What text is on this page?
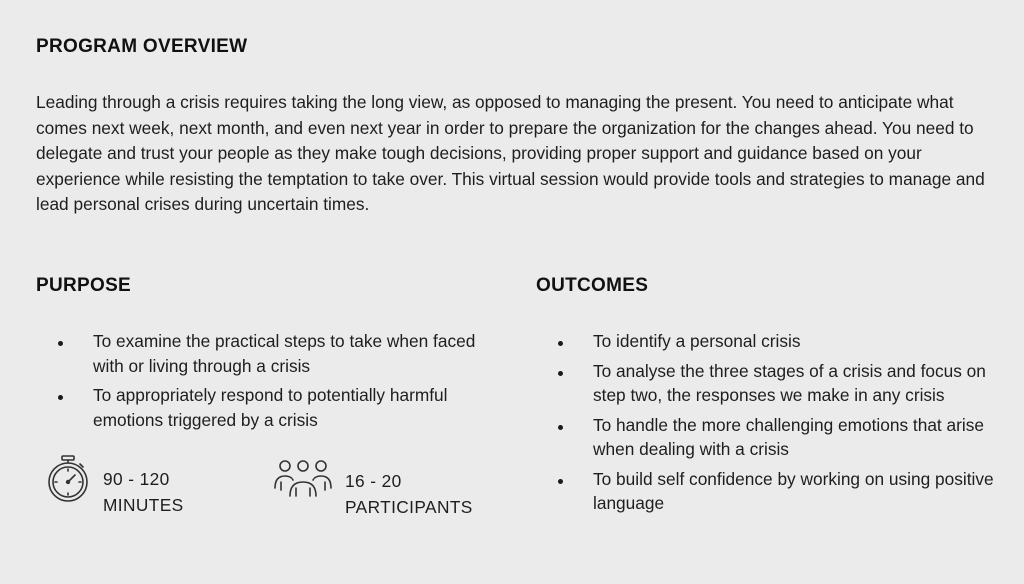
PROGRAM OVERVIEW

Leading through a crisis requires taking the long view, as opposed to managing the present. You need to anticipate what comes next week, next month, and even next year in order to prepare the organization for the changes ahead. You need to delegate and trust your people as they make tough decisions, providing proper support and guidance based on your experience while resisting the temptation to take over. This virtual session would provide tools and strategies to manage and lead personal crises during uncertain times.

PURPOSE
To examine the practical steps to take when faced with or living through a crisis
To appropriately respond to potentially harmful emotions triggered by a crisis
OUTCOMES
To identify a personal crisis
To analyse the three stages of a crisis and focus on step two, the responses we make in any crisis
To handle the more challenging emotions that arise when dealing with a crisis
To build self confidence by working on using positive language
90 - 120
MINUTES
16 - 20
PARTICIPANTS
